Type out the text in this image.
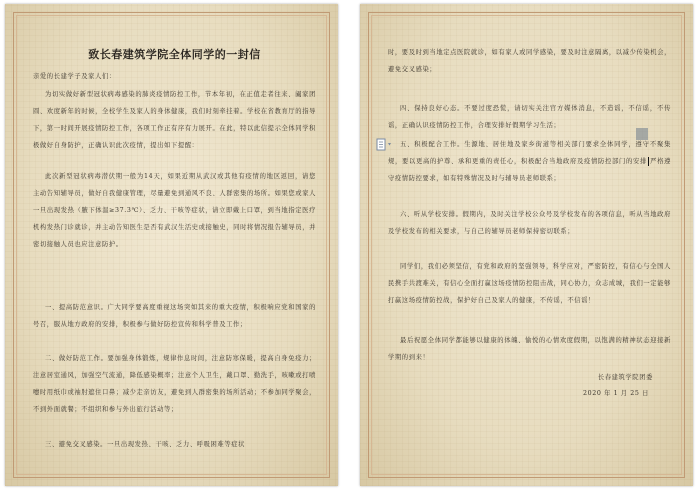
致长春建筑学院全体同学的一封信

亲爱的长建学子及家人们：

为切实做好新型冠状病毒感染的肺炎疫情防控工作，节本年初，在正值走者往来、阖家团圆、欢度新年的时候，全校学生及家人的身体健康，我们时刻牵挂着。学校在省教育厅的指导下，第一时间开展疫情防控工作，各项工作正有序有力展开。在此，特以此信提示全体同学积极做好自身防护，正确认识此次疫情，提出如下提醒：

此次新型冠状病毒潜伏期一般为14天，如果近期从武汉或其他有疫情的地区返回，请您主动告知辅导员，做好自我健康管理，尽量避免到通风不良、人群密集的场所。如果您或家人一旦出现发热（腋下体温≥37.3℃）、乏力、干咳等症状，请立即戴上口罩，到当地指定医疗机构发热门诊就诊，并主动告知医生是否有武汉生活史或接触史，同时将情况报告辅导员，并密切接触人员也应注意防护。

一、提高防范意识。广大同学要高度重视这场突如其来的重大疫情，积极响应党和国家的号召，服从地方政府的安排，积极参与做好防控宣传和科学普及工作；

二、做好防范工作。要加强身体锻炼，规律作息时间，注意防寒保暖，提高自身免疫力；注意居室通风，加强空气流通，降低感染概率；注意个人卫生，戴口罩、勤洗手，咳嗽或打喷嚏时用纸巾或袖肘遮住口鼻；减少走亲访友，避免到人群密集的场所活动；不参加同学聚会，不到外面就餐；不组织和参与外出旅行活动等；

三、避免交叉感染。一旦出现发热、干咳、乏力、呼吸困难等症状

时，要及时到当地定点医院就诊，如有家人或同学感染，要及时注意隔离，以减少传染机会，避免交叉感染；

四、保持良好心态。不要过度恐慌，请切实关注官方媒体消息，不造谣，不信谣，不传谣，正确认识疫情防控工作，合理安排好假期学习生活；

五、积极配合工作。生源地、居住地及家乡街道等相关部门要求全体同学，遵守不聚集规，要以更高的护尊、承和更重的责任心，积极配合当地政府及疫情防控部门的安排 严格遵守疫情防控要求，如有特殊情况及时与辅导员老师联系；

六、听从学校安排。假期内，及时关注学校公众号及学校发布的各项信息，听从当地政府及学校发布的相关要求，与自己的辅导员老师保持密切联系；

同学们，我们必须坚信，有党和政府的坚强领导，科学应对，严密防控，有信心与全国人民携手共渡难关，有信心全面打赢这场疫情防控阻击战，同心协力，众志成城，我们一定能够打赢这场疫情防控战，保护好自己及家人的健康，不传谣，不信谣！

最后祝愿全体同学都能够以健康的体魄、愉悦的心情欢度假期，以饱满的精神状态迎接新学期的到来！

长春建筑学院团委
2020 年 1 月 25 日
